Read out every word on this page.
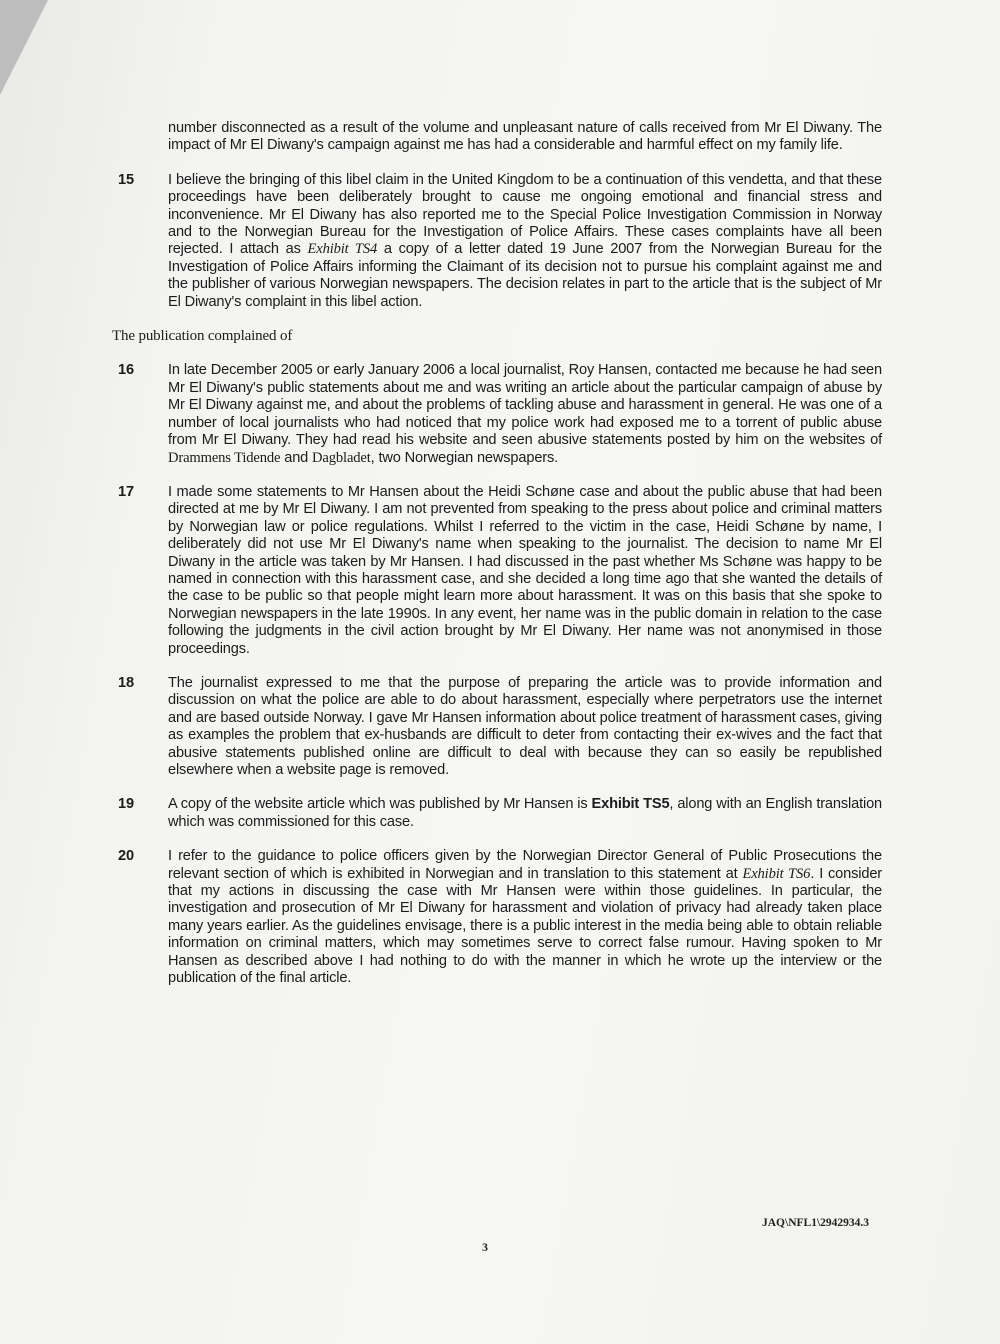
number disconnected as a result of the volume and unpleasant nature of calls received from Mr El Diwany. The impact of Mr El Diwany's campaign against me has had a considerable and harmful effect on my family life.

15 I believe the bringing of this libel claim in the United Kingdom to be a continuation of this vendetta, and that these proceedings have been deliberately brought to cause me ongoing emotional and financial stress and inconvenience. Mr El Diwany has also reported me to the Special Police Investigation Commission in Norway and to the Norwegian Bureau for the Investigation of Police Affairs. These cases complaints have all been rejected. I attach as Exhibit TS4 a copy of a letter dated 19 June 2007 from the Norwegian Bureau for the Investigation of Police Affairs informing the Claimant of its decision not to pursue his complaint against me and the publisher of various Norwegian newspapers. The decision relates in part to the article that is the subject of Mr El Diwany's complaint in this libel action.

The publication complained of

16 In late December 2005 or early January 2006 a local journalist, Roy Hansen, contacted me because he had seen Mr El Diwany's public statements about me and was writing an article about the particular campaign of abuse by Mr El Diwany against me, and about the problems of tackling abuse and harassment in general. He was one of a number of local journalists who had noticed that my police work had exposed me to a torrent of public abuse from Mr El Diwany. They had read his website and seen abusive statements posted by him on the websites of Drammens Tidende and Dagbladet, two Norwegian newspapers.

17 I made some statements to Mr Hansen about the Heidi Schøne case and about the public abuse that had been directed at me by Mr El Diwany. I am not prevented from speaking to the press about police and criminal matters by Norwegian law or police regulations. Whilst I referred to the victim in the case, Heidi Schøne by name, I deliberately did not use Mr El Diwany's name when speaking to the journalist. The decision to name Mr El Diwany in the article was taken by Mr Hansen. I had discussed in the past whether Ms Schøne was happy to be named in connection with this harassment case, and she decided a long time ago that she wanted the details of the case to be public so that people might learn more about harassment. It was on this basis that she spoke to Norwegian newspapers in the late 1990s. In any event, her name was in the public domain in relation to the case following the judgments in the civil action brought by Mr El Diwany. Her name was not anonymised in those proceedings.

18 The journalist expressed to me that the purpose of preparing the article was to provide information and discussion on what the police are able to do about harassment, especially where perpetrators use the internet and are based outside Norway. I gave Mr Hansen information about police treatment of harassment cases, giving as examples the problem that ex-husbands are difficult to deter from contacting their ex-wives and the fact that abusive statements published online are difficult to deal with because they can so easily be republished elsewhere when a website page is removed.

19 A copy of the website article which was published by Mr Hansen is Exhibit TS5, along with an English translation which was commissioned for this case.

20 I refer to the guidance to police officers given by the Norwegian Director General of Public Prosecutions the relevant section of which is exhibited in Norwegian and in translation to this statement at Exhibit TS6. I consider that my actions in discussing the case with Mr Hansen were within those guidelines. In particular, the investigation and prosecution of Mr El Diwany for harassment and violation of privacy had already taken place many years earlier. As the guidelines envisage, there is a public interest in the media being able to obtain reliable information on criminal matters, which may sometimes serve to correct false rumour. Having spoken to Mr Hansen as described above I had nothing to do with the manner in which he wrote up the interview or the publication of the final article.

JAQ\NFL1\2942934.3
3
